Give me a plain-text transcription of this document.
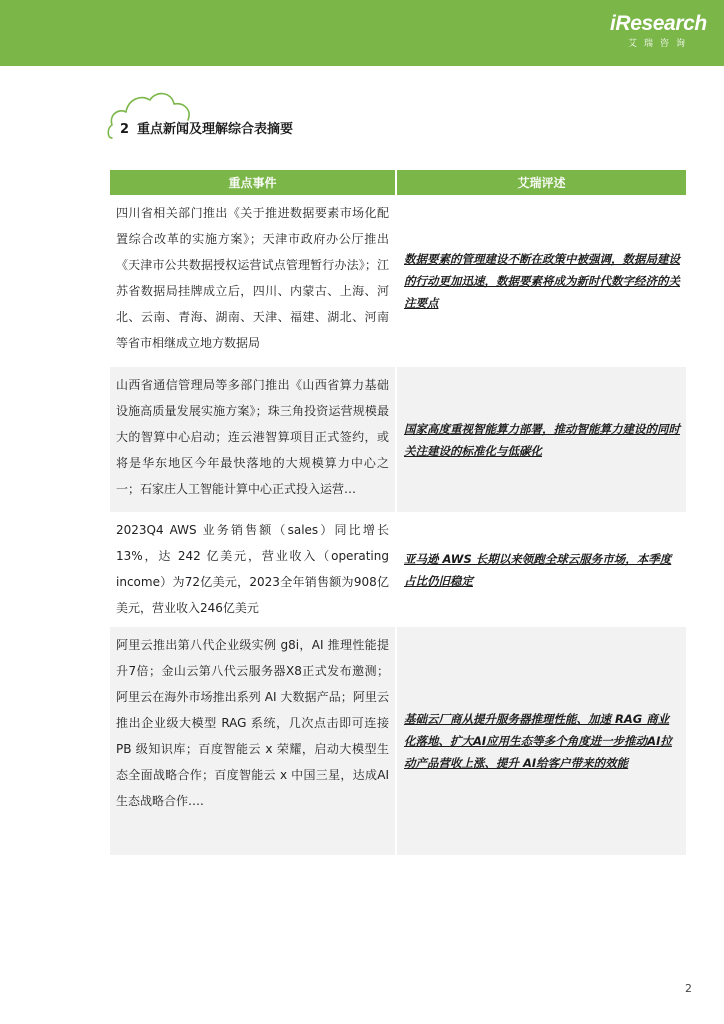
iResearch
艾瑞咨询
2 重点新闻及理解综合表摘要
重点事件	艾瑞评述
四川省相关部门推出《关于推进数据要素市场化配置综合改革的实施方案》；天津市政府办公厅推出《天津市公共数据授权运营试点管理暂行办法》；江苏省数据局挂牌成立后，四川、内蒙古、上海、河北、云南、青海、湖南、天津、福建、湖北、河南等省市相继成立地方数据局
数据要素的管理建设不断在政策中被强调，数据局建设的行动更加迅速，数据要素将成为新时代数字经济的关注要点
山西省通信管理局等多部门推出《山西省算力基础设施高质量发展实施方案》；珠三角投资运营规模最大的智算中心启动；连云港智算项目正式签约，或将是华东地区今年最快落地的大规模算力中心之一；石家庄人工智能计算中心正式投入运营…
国家高度重视智能算力部署，推动智能算力建设的同时关注建设的标准化与低碳化
2023Q4 AWS 业务销售额（sales）同比增长13%，达 242 亿美元，营业收入（operating income）为72亿美元，2023全年销售额为908亿美元，营业收入246亿美元
亚马逊 AWS 长期以来领跑全球云服务市场，本季度占比仍旧稳定
阿里云推出第八代企业级实例 g8i，AI 推理性能提升7倍；金山云第八代云服务器X8正式发布邀测；阿里云在海外市场推出系列 AI 大数据产品；阿里云推出企业级大模型 RAG 系统，几次点击即可连接PB 级知识库；百度智能云 x 荣耀，启动大模型生态全面战略合作；百度智能云 x 中国三星，达成AI 生态战略合作….
基础云厂商从提升服务器推理性能、加速 RAG 商业化落地、扩大AI应用生态等多个角度进一步推动AI拉动产品营收上涨、提升 AI给客户带来的效能
2
